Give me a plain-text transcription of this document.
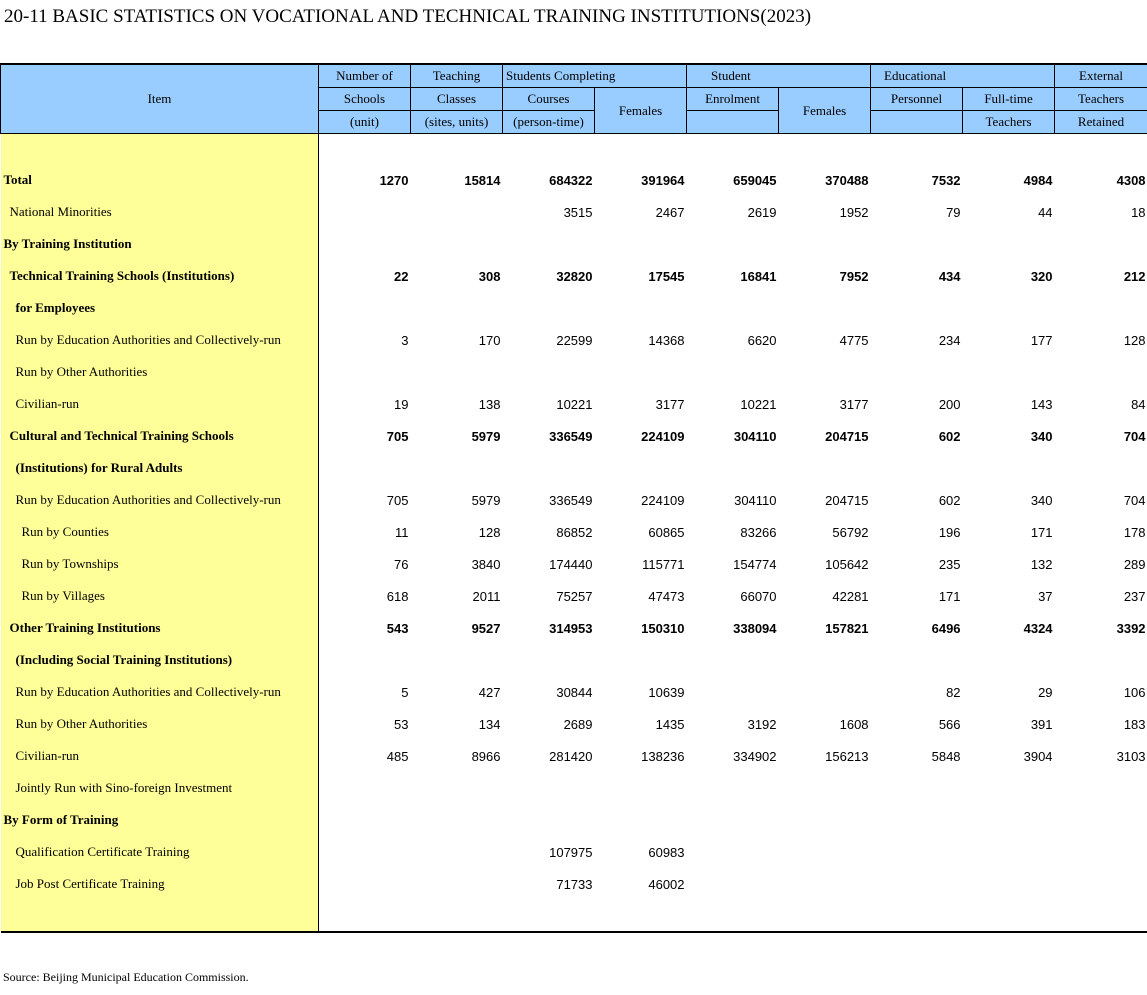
20-11 BASIC STATISTICS ON VOCATIONAL AND TECHNICAL TRAINING INSTITUTIONS(2023)
Item	Number of	Teaching	Students Completing		Student		Educational		External
	Schools	Classes	Courses	Females	Enrolment	Females	Personnel	Full-time	Teachers
	(unit)	(sites, units)	(person-time)					Teachers	Retained

Total	1270	15814	684322	391964	659045	370488	7532	4984	4308
National Minorities			3515	2467	2619	1952	79	44	18
By Training Institution									
Technical Training Schools (Institutions)	22	308	32820	17545	16841	7952	434	320	212
for Employees									
Run by Education Authorities and Collectively-run	3	170	22599	14368	6620	4775	234	177	128
Run by Other Authorities									
Civilian-run	19	138	10221	3177	10221	3177	200	143	84
Cultural and Technical Training Schools	705	5979	336549	224109	304110	204715	602	340	704
(Institutions) for Rural Adults									
Run by Education Authorities and Collectively-run	705	5979	336549	224109	304110	204715	602	340	704
Run by Counties	11	128	86852	60865	83266	56792	196	171	178
Run by Townships	76	3840	174440	115771	154774	105642	235	132	289
Run by Villages	618	2011	75257	47473	66070	42281	171	37	237
Other Training Institutions	543	9527	314953	150310	338094	157821	6496	4324	3392
(Including Social Training Institutions)									
Run by Education Authorities and Collectively-run	5	427	30844	10639			82	29	106
Run by Other Authorities	53	134	2689	1435	3192	1608	566	391	183
Civilian-run	485	8966	281420	138236	334902	156213	5848	3904	3103
Jointly Run with Sino-foreign Investment									
By Form of Training									
Qualification Certificate Training			107975	60983					
Job Post Certificate Training			71733	46002					

Source: Beijing Municipal Education Commission.
